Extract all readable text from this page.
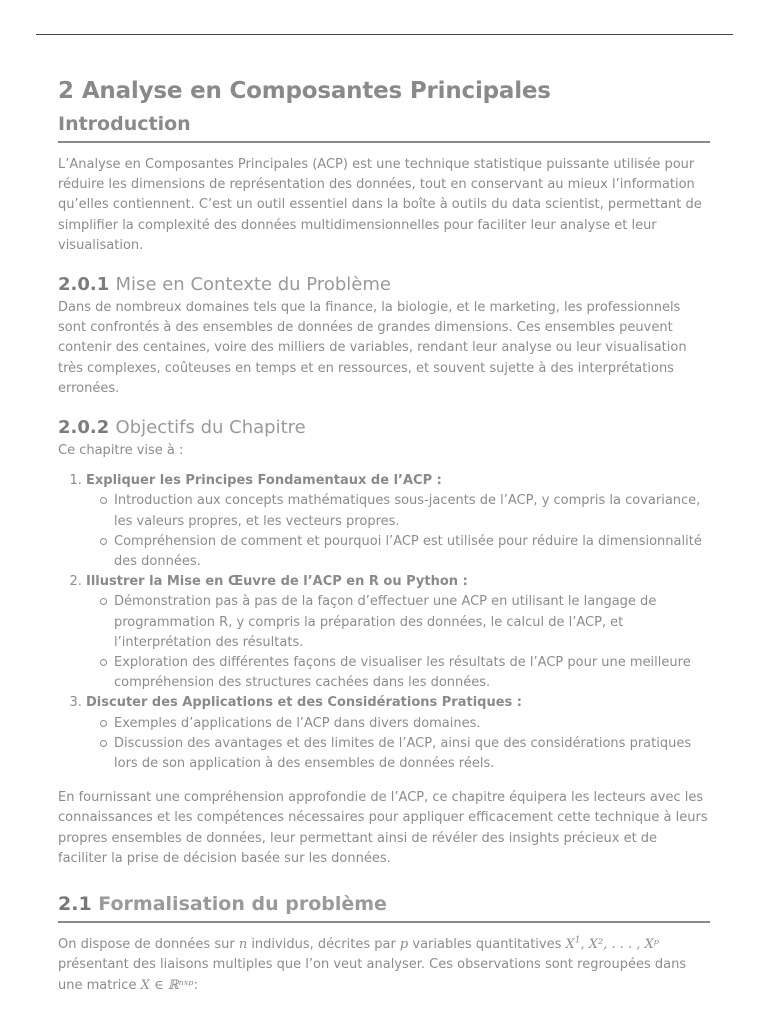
2 Analyse en Composantes Principales
Introduction

L’Analyse en Composantes Principales (ACP) est une technique statistique puissante utilisée pour réduire les dimensions de représentation des données, tout en conservant au mieux l’information qu’elles contiennent. C’est un outil essentiel dans la boîte à outils du data scientist, permettant de simplifier la complexité des données multidimensionnelles pour faciliter leur analyse et leur visualisation.

2.0.1 Mise en Contexte du Problème

Dans de nombreux domaines tels que la finance, la biologie, et le marketing, les professionnels sont confrontés à des ensembles de données de grandes dimensions. Ces ensembles peuvent contenir des centaines, voire des milliers de variables, rendant leur analyse ou leur visualisation très complexes, coûteuses en temps et en ressources, et souvent sujette à des interprétations erronées.

2.0.2 Objectifs du Chapitre

Ce chapitre vise à :

1. Expliquer les Principes Fondamentaux de l’ACP :
Introduction aux concepts mathématiques sous-jacents de l’ACP, y compris la covariance, les valeurs propres, et les vecteurs propres.
Compréhension de comment et pourquoi l’ACP est utilisée pour réduire la dimensionnalité des données.
2. Illustrer la Mise en Œuvre de l’ACP en R ou Python :
Démonstration pas à pas de la façon d’effectuer une ACP en utilisant le langage de programmation R, y compris la préparation des données, le calcul de l’ACP, et l’interprétation des résultats.
Exploration des différentes façons de visualiser les résultats de l’ACP pour une meilleure compréhension des structures cachées dans les données.
3. Discuter des Applications et des Considérations Pratiques :
Exemples d’applications de l’ACP dans divers domaines.
Discussion des avantages et des limites de l’ACP, ainsi que des considérations pratiques lors de son application à des ensembles de données réels.

En fournissant une compréhension approfondie de l’ACP, ce chapitre équipera les lecteurs avec les connaissances et les compétences nécessaires pour appliquer efficacement cette technique à leurs propres ensembles de données, leur permettant ainsi de révéler des insights précieux et de faciliter la prise de décision basée sur les données.

2.1 Formalisation du problème

On dispose de données sur n individus, décrites par p variables quantitatives $X^1$, X², . . . , Xᵖ présentant des liaisons multiples que l’on veut analyser. Ces observations sont regroupées dans une matrice X ∈ ℝⁿˣᵖ:
